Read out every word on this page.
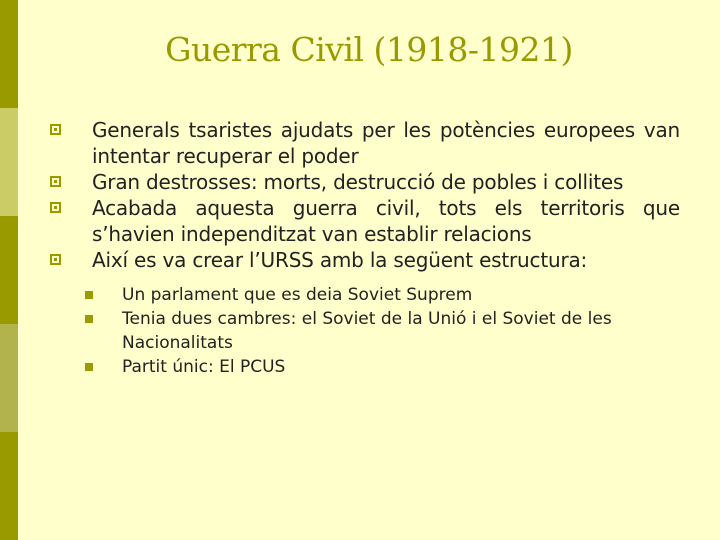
Guerra Civil (1918-1921)
Generals tsaristes ajudats per les potències europees van intentar recuperar el poder
Gran destrosses: morts, destrucció de pobles i collites
Acabada aquesta guerra civil, tots els territoris que s’havien independitzat van establir relacions
Així es va crear l’URSS amb la següent estructura:
Un parlament que es deia Soviet Suprem
Tenia dues cambres: el Soviet de la Unió i el Soviet de les Nacionalitats
Partit únic: El PCUS
